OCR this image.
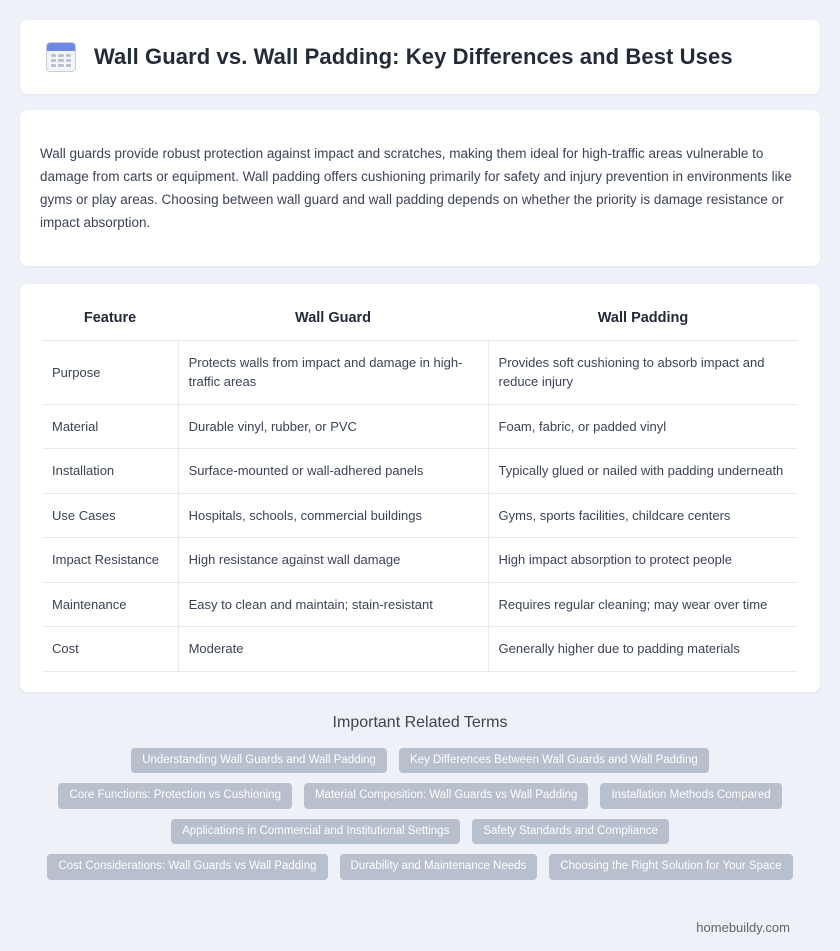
Wall Guard vs. Wall Padding: Key Differences and Best Uses

Wall guards provide robust protection against impact and scratches, making them ideal for high-traffic areas vulnerable to damage from carts or equipment. Wall padding offers cushioning primarily for safety and injury prevention in environments like gyms or play areas. Choosing between wall guard and wall padding depends on whether the priority is damage resistance or impact absorption.

Feature	Wall Guard	Wall Padding
Purpose	Protects walls from impact and damage in high-traffic areas	Provides soft cushioning to absorb impact and reduce injury
Material	Durable vinyl, rubber, or PVC	Foam, fabric, or padded vinyl
Installation	Surface-mounted or wall-adhered panels	Typically glued or nailed with padding underneath
Use Cases	Hospitals, schools, commercial buildings	Gyms, sports facilities, childcare centers
Impact Resistance	High resistance against wall damage	High impact absorption to protect people
Maintenance	Easy to clean and maintain; stain-resistant	Requires regular cleaning; may wear over time
Cost	Moderate	Generally higher due to padding materials
Important Related Terms
Understanding Wall Guards and Wall Padding	Key Differences Between Wall Guards and Wall Padding
Core Functions: Protection vs Cushioning	Material Composition: Wall Guards vs Wall Padding	Installation Methods Compared
Applications in Commercial and Institutional Settings	Safety Standards and Compliance
Cost Considerations: Wall Guards vs Wall Padding	Durability and Maintenance Needs	Choosing the Right Solution for Your Space
homebuildy.com
